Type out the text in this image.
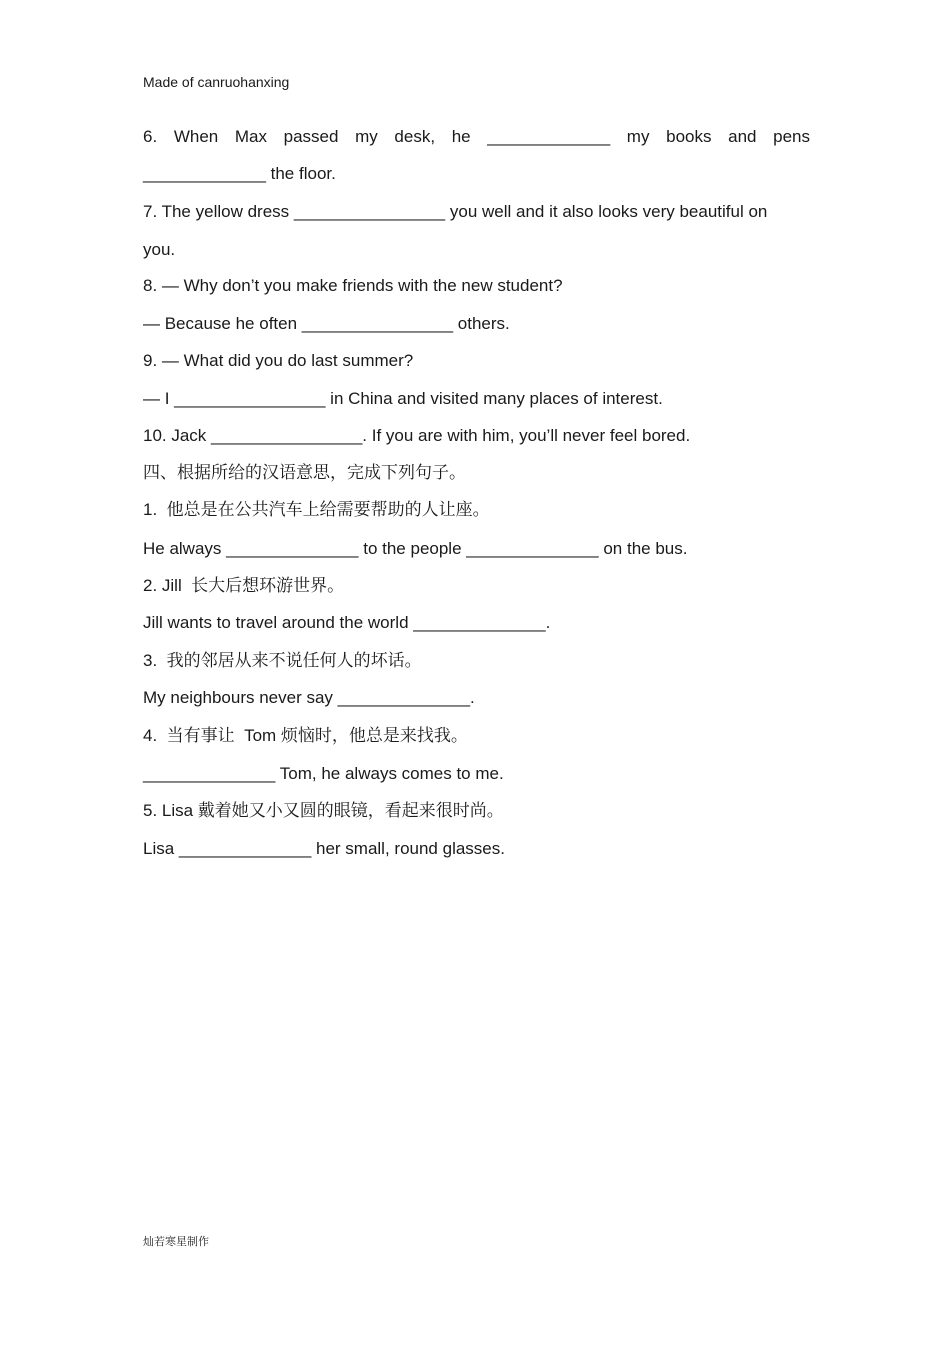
Made of canruohanxing
6. When Max passed my desk, he _____________ my books and pens
_____________ the floor.
7. The yellow dress ________________ you well and it also looks very beautiful on
you.
8. — Why don’t you make friends with the new student?
— Because he often ________________ others.
9. — What did you do last summer?
— I ________________ in China and visited many places of interest.
10. Jack ________________. If you are with him, you’ll never feel bored.
四、根据所给的汉语意思，完成下列句子。
1.  他总是在公共汽车上给需要帮助的人让座。
He always ______________ to the people ______________ on the bus.
2. Jill  长大后想环游世界。
Jill wants to travel around the world ______________.
3.  我的邻居从来不说任何人的坏话。
My neighbours never say ______________.
4.  当有事让  Tom 烦恼时，他总是来找我。
______________ Tom, he always comes to me.
5. Lisa 戴着她又小又圆的眼镜，看起来很时尚。
Lisa ______________ her small, round glasses.
灿若寒星制作
